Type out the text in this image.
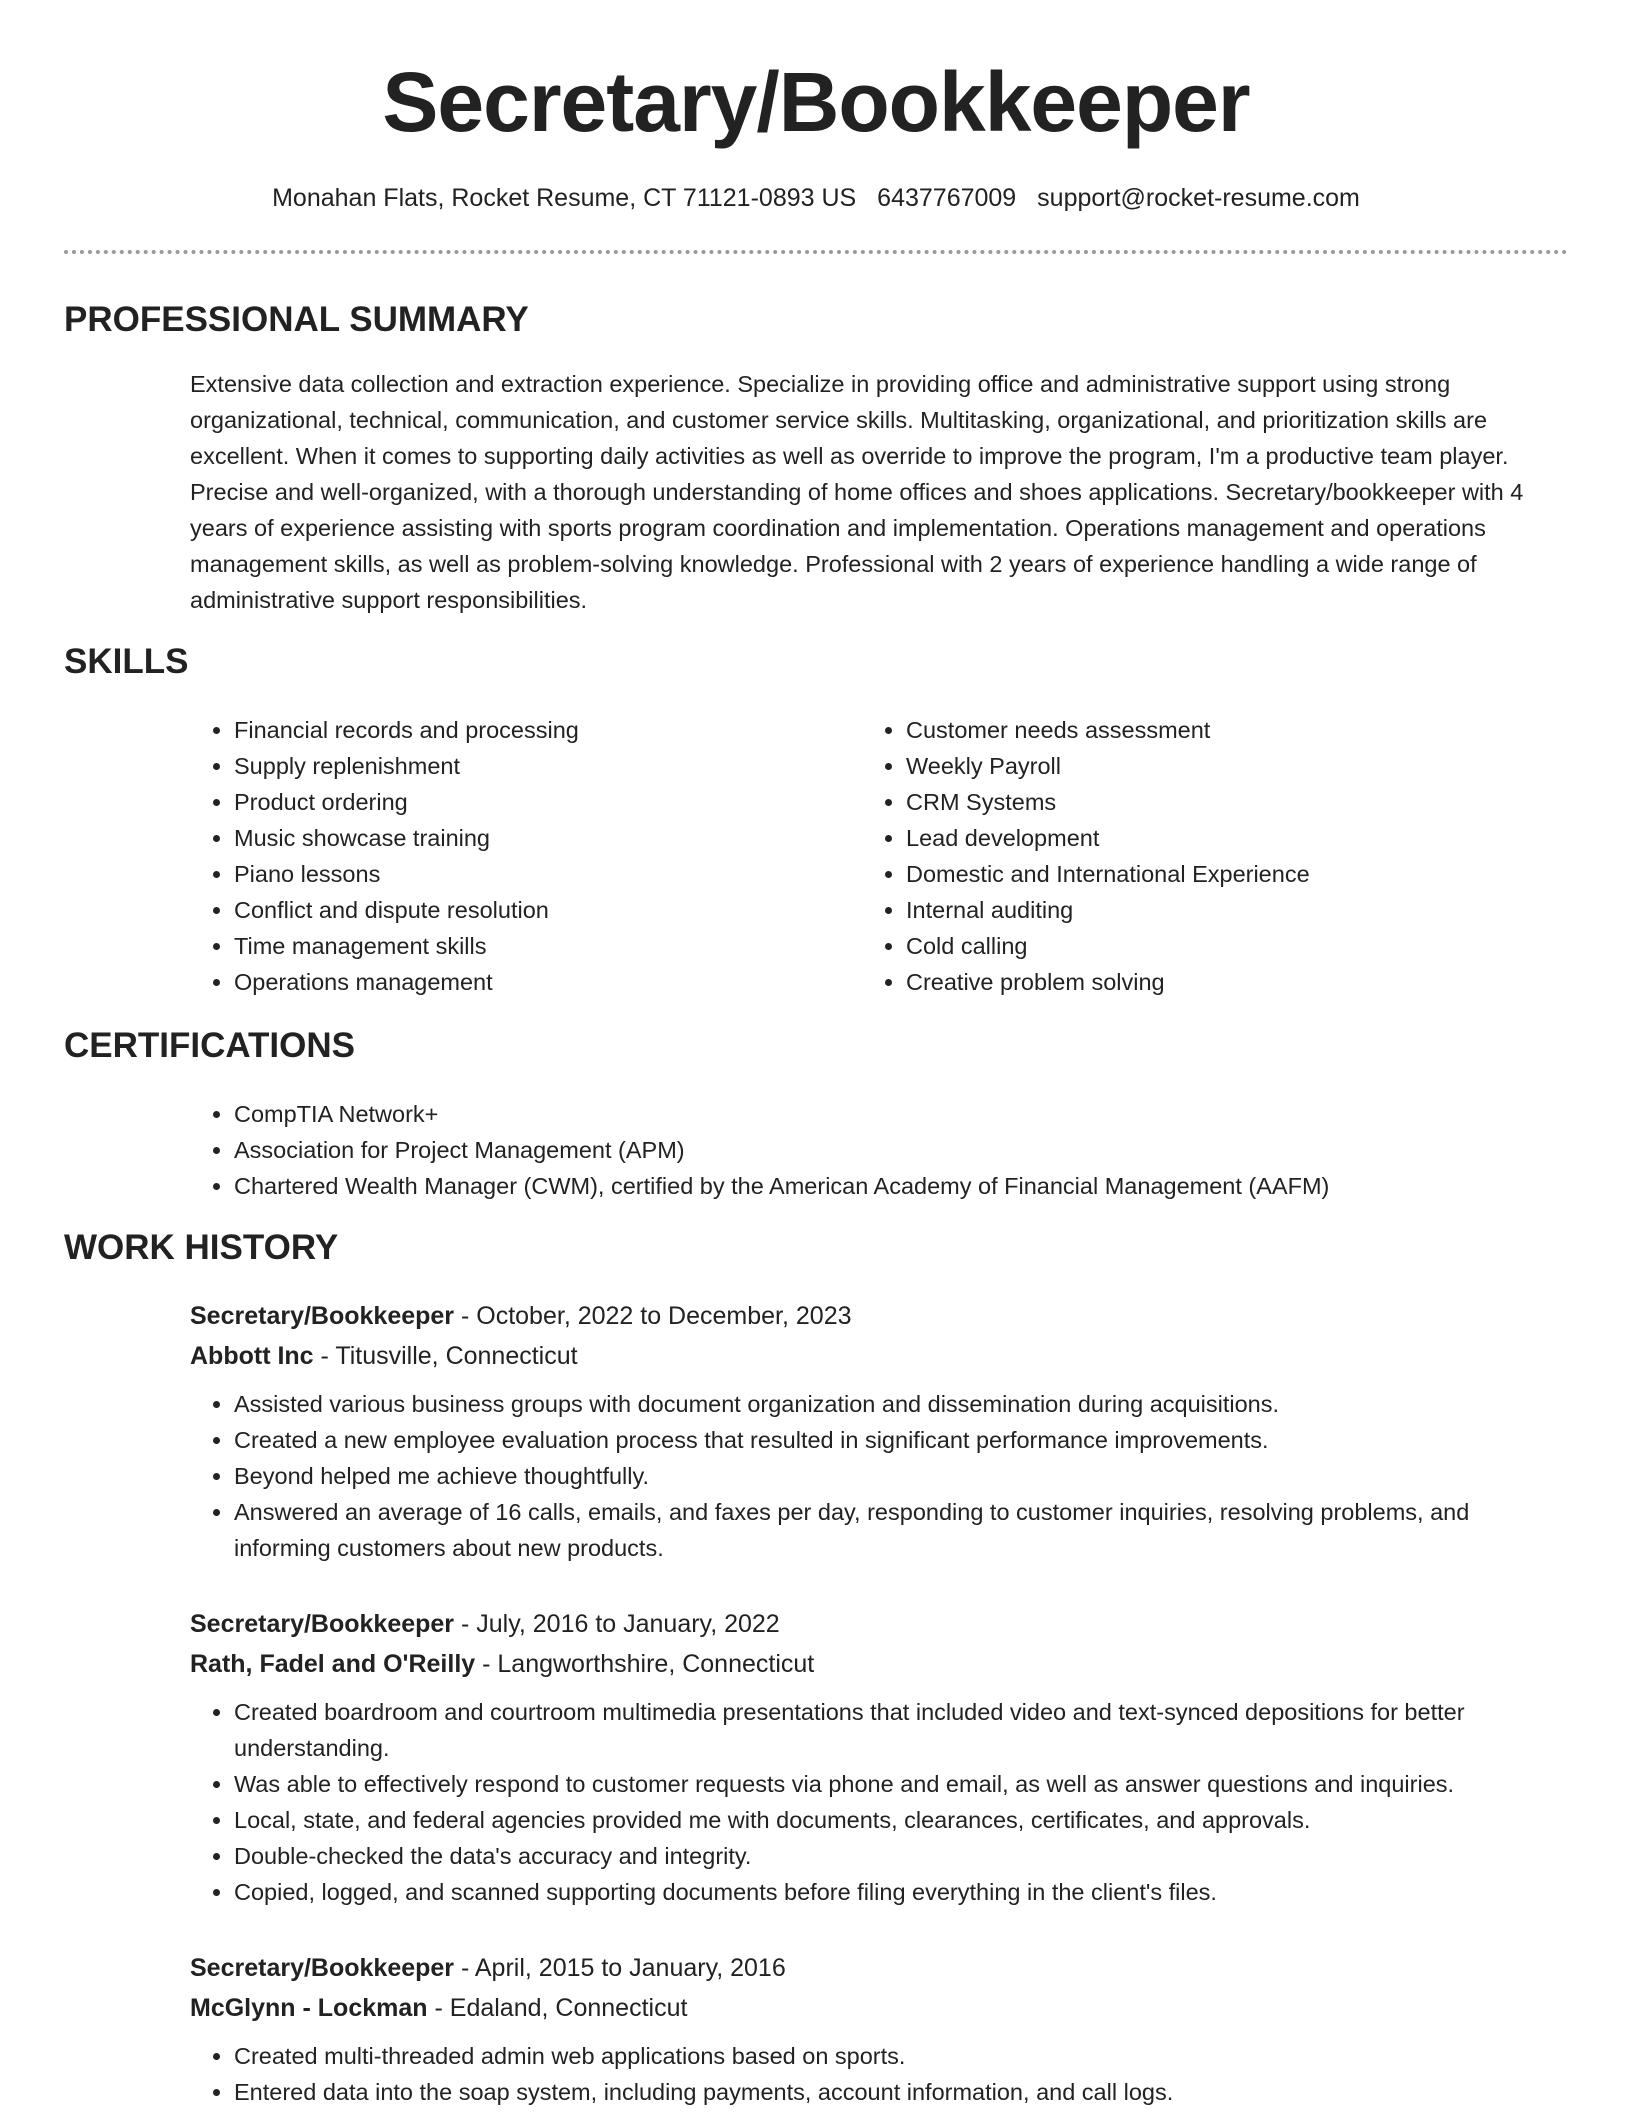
Secretary/Bookkeeper
Monahan Flats, Rocket Resume, CT 71121-0893 US 6437767009 support@rocket-resume.com
PROFESSIONAL SUMMARY

Extensive data collection and extraction experience. Specialize in providing office and administrative support using strong organizational, technical, communication, and customer service skills. Multitasking, organizational, and prioritization skills are excellent. When it comes to supporting daily activities as well as override to improve the program, I'm a productive team player. Precise and well-organized, with a thorough understanding of home offices and shoes applications. Secretary/bookkeeper with 4 years of experience assisting with sports program coordination and implementation. Operations management and operations management skills, as well as problem-solving knowledge. Professional with 2 years of experience handling a wide range of administrative support responsibilities.

SKILLS
• Financial records and processing
• Supply replenishment
• Product ordering
• Music showcase training
• Piano lessons
• Conflict and dispute resolution
• Time management skills
• Operations management
• Customer needs assessment
• Weekly Payroll
• CRM Systems
• Lead development
• Domestic and International Experience
• Internal auditing
• Cold calling
• Creative problem solving
CERTIFICATIONS
• CompTIA Network+
• Association for Project Management (APM)
• Chartered Wealth Manager (CWM), certified by the American Academy of Financial Management (AAFM)
WORK HISTORY

Secretary/Bookkeeper - October, 2022 to December, 2023

Abbott Inc - Titusville, Connecticut

• Assisted various business groups with document organization and dissemination during acquisitions.
• Created a new employee evaluation process that resulted in significant performance improvements.
• Beyond helped me achieve thoughtfully.
• Answered an average of 16 calls, emails, and faxes per day, responding to customer inquiries, resolving problems, and informing customers about new products.

Secretary/Bookkeeper - July, 2016 to January, 2022

Rath, Fadel and O'Reilly - Langworthshire, Connecticut

• Created boardroom and courtroom multimedia presentations that included video and text-synced depositions for better understanding.
• Was able to effectively respond to customer requests via phone and email, as well as answer questions and inquiries.
• Local, state, and federal agencies provided me with documents, clearances, certificates, and approvals.
• Double-checked the data's accuracy and integrity.
• Copied, logged, and scanned supporting documents before filing everything in the client's files.

Secretary/Bookkeeper - April, 2015 to January, 2016

McGlynn - Lockman - Edaland, Connecticut

• Created multi-threaded admin web applications based on sports.
• Entered data into the soap system, including payments, account information, and call logs.
